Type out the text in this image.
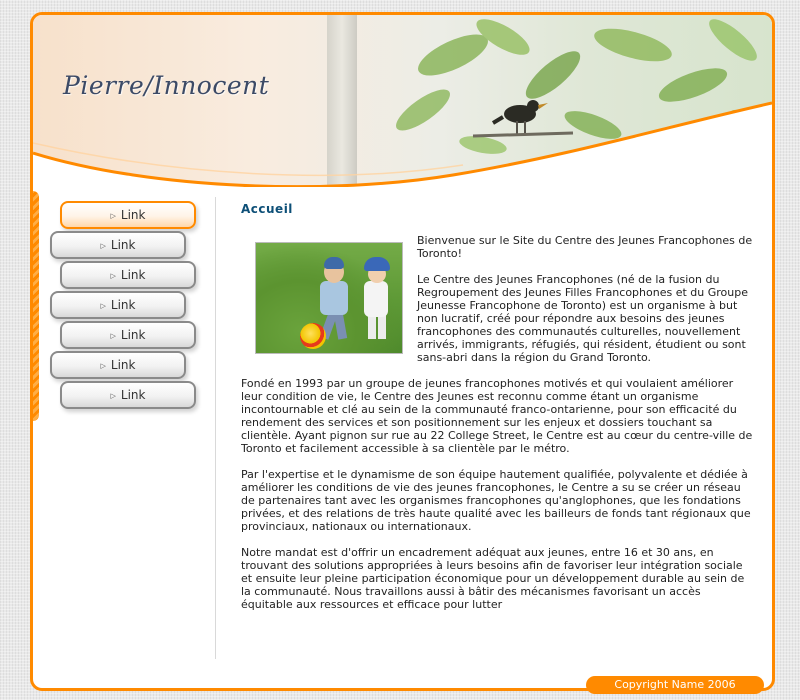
Pierre/Innocent
▷ Link
▷ Link
▷ Link
▷ Link
▷ Link
▷ Link
▷ Link
Accueil

Bienvenue sur le Site du Centre des Jeunes Francophones de Toronto!

Le Centre des Jeunes Francophones (né de la fusion du Regroupement des Jeunes Filles Francophones et du Groupe Jeunesse Francophone de Toronto) est un organisme à but non lucratif, créé pour répondre aux besoins des jeunes francophones des communautés culturelles, nouvellement arrivés, immigrants, réfugiés, qui résident, étudient ou sont sans-abri dans la région du Grand Toronto.

Fondé en 1993 par un groupe de jeunes francophones motivés et qui voulaient améliorer leur condition de vie, le Centre des Jeunes est reconnu comme étant un organisme incontournable et clé au sein de la communauté franco-ontarienne, pour son efficacité du rendement des services et son positionnement sur les enjeux et dossiers touchant sa clientèle. Ayant pignon sur rue au 22 College Street, le Centre est au cœur du centre-ville de Toronto et facilement accessible à sa clientèle par le métro.

Par l'expertise et le dynamisme de son équipe hautement qualifiée, polyvalente et dédiée à améliorer les conditions de vie des jeunes francophones, le Centre a su se créer un réseau de partenaires tant avec les organismes francophones qu'anglophones, que les fondations privées, et des relations de très haute qualité avec les bailleurs de fonds tant régionaux que provinciaux, nationaux ou internationaux.

Notre mandat est d'offrir un encadrement adéquat aux jeunes, entre 16 et 30 ans, en trouvant des solutions appropriées à leurs besoins afin de favoriser leur intégration sociale et ensuite leur pleine participation économique pour un développement durable au sein de la communauté. Nous travaillons aussi à bâtir des mécanismes favorisant un accès équitable aux ressources et efficace pour lutter

Copyright Name 2006
